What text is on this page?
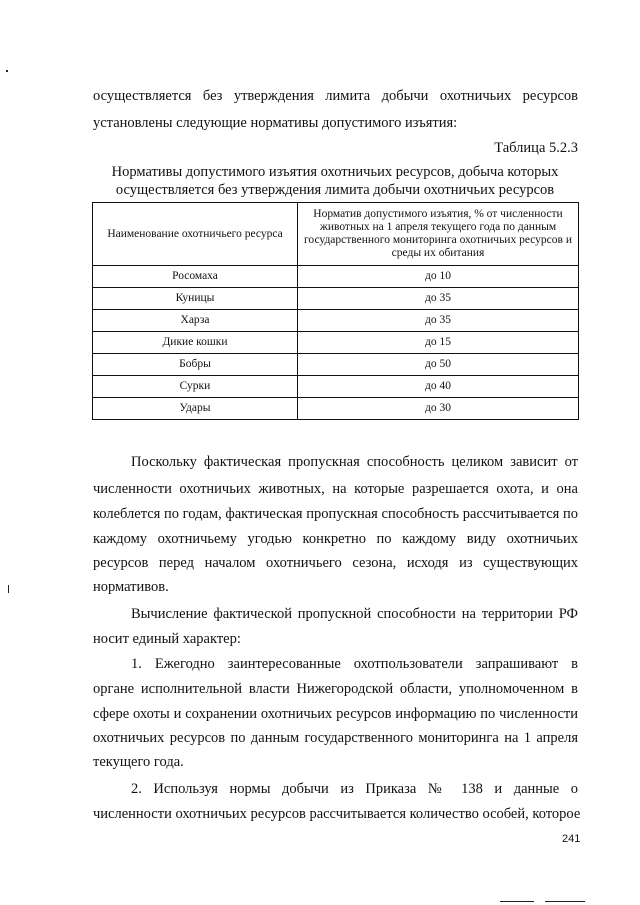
осуществляется без утверждения лимита добычи охотничьих ресурсов
установлены следующие нормативы допустимого изъятия:
Таблица 5.2.3
Нормативы допустимого изъятия охотничьих ресурсов, добыча которых
осуществляется без утверждения лимита добычи охотничьих ресурсов
Наименование охотничьего ресурса	Норматив допустимого изъятия, % от численности животных на 1 апреля текущего года по данным государственного мониторинга охотничьих ресурсов и среды их обитания
Росомаха	до 10
Куницы	до 35
Харза	до 35
Дикие кошки	до 15
Бобры	до 50
Сурки	до 40
Удары	до 30
Поскольку фактическая пропускная способность целиком зависит от
численности охотничьих животных, на которые разрешается охота, и она
колеблется по годам, фактическая пропускная способность рассчитывается по
каждому охотничьему угодью конкретно по каждому виду охотничьих
ресурсов перед началом охотничьего сезона, исходя из существующих
нормативов.
Вычисление фактической пропускной способности на территории РФ
носит единый характер:
1. Ежегодно заинтересованные охотпользователи запрашивают в
органе исполнительной власти Нижегородской области, уполномоченном в
сфере охоты и сохранении охотничьих ресурсов информацию по численности
охотничьих ресурсов по данным государственного мониторинга на 1 апреля
текущего года.
2. Используя нормы добычи из Приказа № 138 и данные о
численности охотничьих ресурсов рассчитывается количество особей, которое
241
